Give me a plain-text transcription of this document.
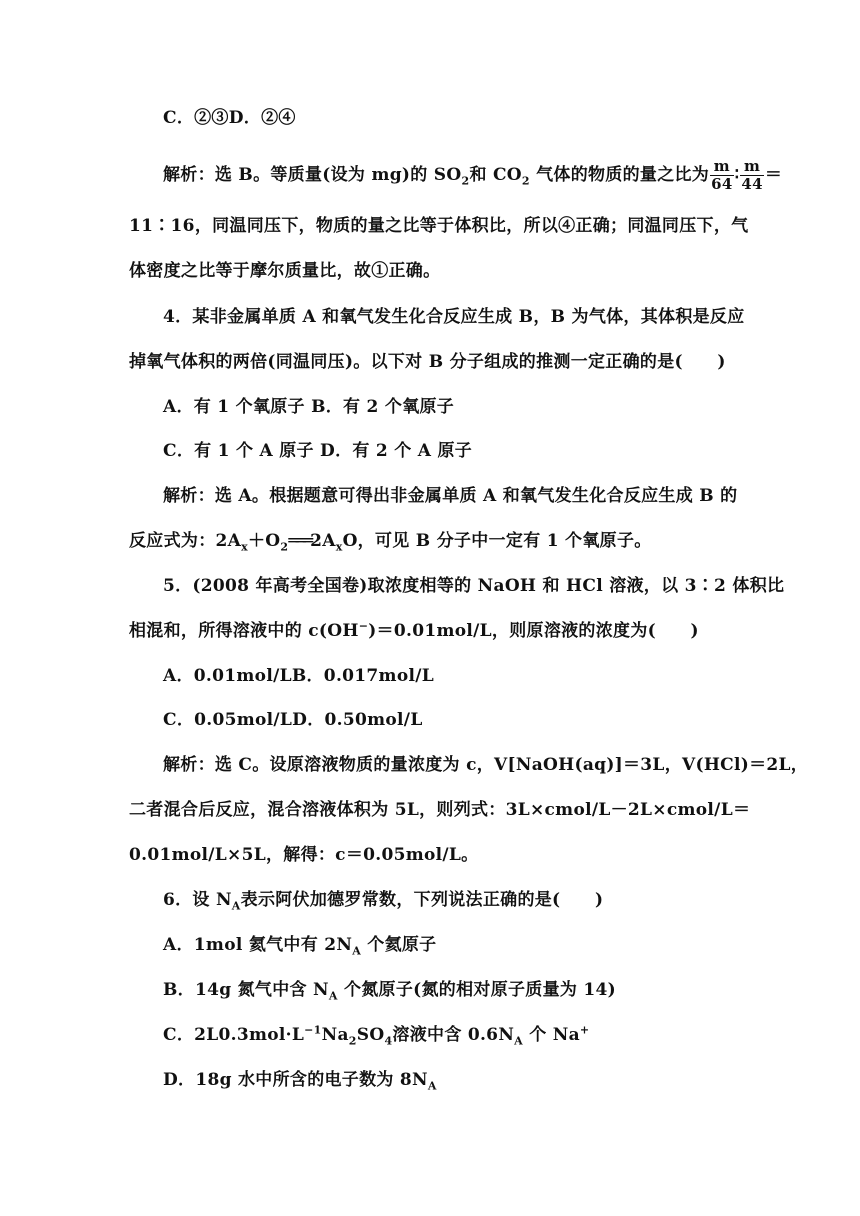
C．②③D．②④
解析：选 B。等质量(设为 mg)的 $SO_2$和 $CO_2$ 气体的物质的量之比为 $\frac{m}{64}$ ∶ $\frac{m}{44}$ ＝
11∶16，同温同压下，物质的量之比等于体积比，所以④正确；同温同压下，气
体密度之比等于摩尔质量比，故①正确。
4．某非金属单质 A 和氧气发生化合反应生成 B，B 为气体，其体积是反应
掉氧气体积的两倍(同温同压)。以下对 B 分子组成的推测一定正确的是(　　)
A．有 1 个氧原子 B．有 2 个氧原子
C．有 1 个 A 原子 D．有 2 个 A 原子
解析：选 A。根据题意可得出非金属单质 A 和氧气发生化合反应生成 B 的
反应式为：$2A_x+O_2═══2A_xO$，可见 B 分子中一定有 1 个氧原子。
5．(2008 年高考全国卷)取浓度相等的 NaOH 和 HCl 溶液，以 3∶2 体积比
相混和，所得溶液中的 c(OH−)＝0.01mol/L，则原溶液的浓度为(　　)
A．0.01mol/LB．0.017mol/L
C．0.05mol/LD．0.50mol/L
解析：选 C。设原溶液物质的量浓度为 c，V[NaOH(aq)]＝3L，V(HCl)＝2L，
二者混合后反应，混合溶液体积为 5L，则列式：3L×cmol/L－2L×cmol/L＝
0.01mol/L×5L，解得：c＝0.05mol/L。
6．设 $N_A$表示阿伏加德罗常数，下列说法正确的是(　　)
A．1mol 氦气中有 $2N_A$ 个氦原子
B．14g 氮气中含 $N_A$ 个氮原子(氮的相对原子质量为 14)
C．$2L0.3mol\cdot L^{-1}Na_2SO_4$溶液中含 $0.6N_A$ 个 Na+
D．18g 水中所含的电子数为 $8N_A$
